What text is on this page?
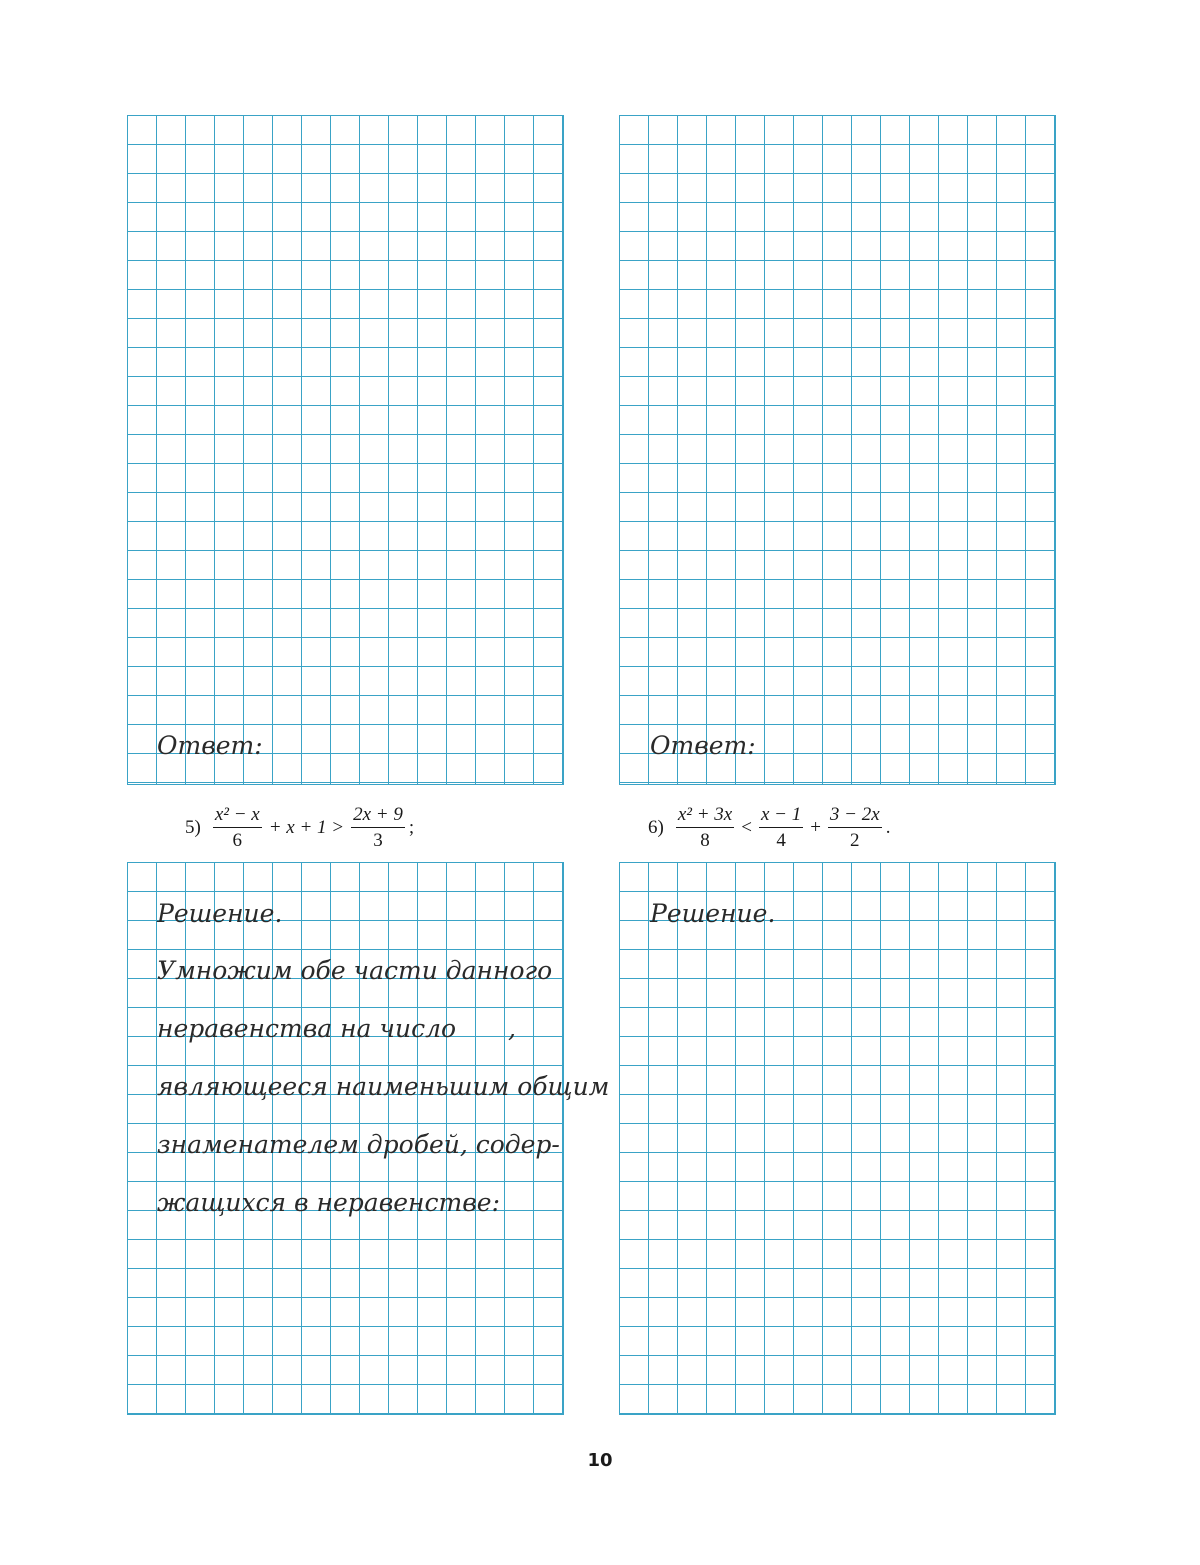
Ответ:	Ответ:
$5) \frac{\text{x² − x}}{6} + x + 1 > \frac{2x + 9}{3}$ ;	$6) \frac{\text{x² + 3x}}{8} < \frac{x - 1}{4} + \frac{3 - 2x}{2}$ .
Решение.	Решение.
Умножим обе части данного
неравенства на число ,
являющееся наименьшим общим
знаменателем дробей, содер-
жащихся в неравенстве:
10
